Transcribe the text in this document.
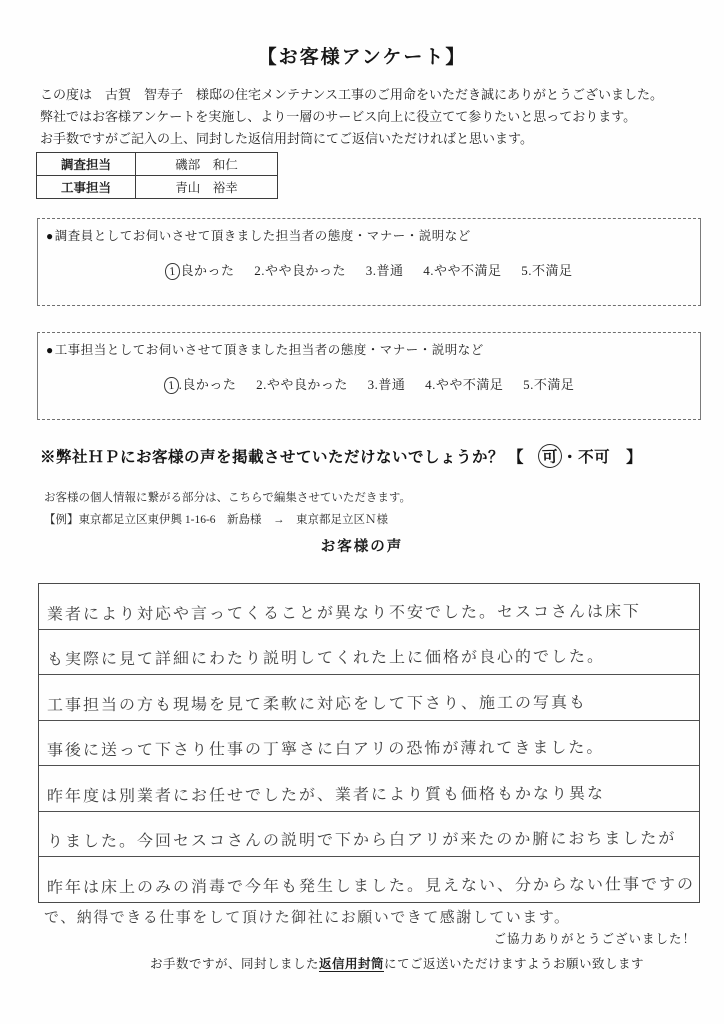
【お客様アンケート】
この度は　古賀　智寿子　様邸の住宅メンテナンス工事のご用命をいただき誠にありがとうございました。
弊社ではお客様アンケートを実施し、より一層のサービス向上に役立てて参りたいと思っております。
お手数ですがご記入の上、同封した返信用封筒にてご返信いただければと思います。
調査担当	磯部　和仁
工事担当	青山　裕幸
●調査員としてお伺いさせて頂きました担当者の態度・マナー・説明など
1 良かった 2.やや良かった 3.普通 4.やや不満足 5.不満足
●工事担当としてお伺いさせて頂きました担当者の態度・マナー・説明など
1 .良かった 2.やや良かった 3.普通 4.やや不満足 5.不満足
※弊社ＨＰにお客様の声を掲載させていただけないでしょうか？ 【 可 ・不可 】
お客様の個人情報に繋がる部分は、こちらで編集させていただきます。
【例】東京都足立区東伊興 1-16-6　新島様　→　東京都足立区Ｎ様
お客様の声
業者により対応や言ってくることが異なり不安でした。セスコさんは床下
も実際に見て詳細にわたり説明してくれた上に価格が良心的でした。
工事担当の方も現場を見て柔軟に対応をして下さり、施工の写真も
事後に送って下さり仕事の丁寧さに白アリの恐怖が薄れてきました。
昨年度は別業者にお任せでしたが、業者により質も価格もかなり異な
りました。今回セスコさんの説明で下から白アリが来たのか腑におちましたが
昨年は床上のみの消毒で今年も発生しました。見えない、分からない仕事ですの
で、納得できる仕事をして頂けた御社にお願いできて感謝しています。
ご協力ありがとうございました！
お手数ですが、同封しました返信用封筒にてご返送いただけますようお願い致します
